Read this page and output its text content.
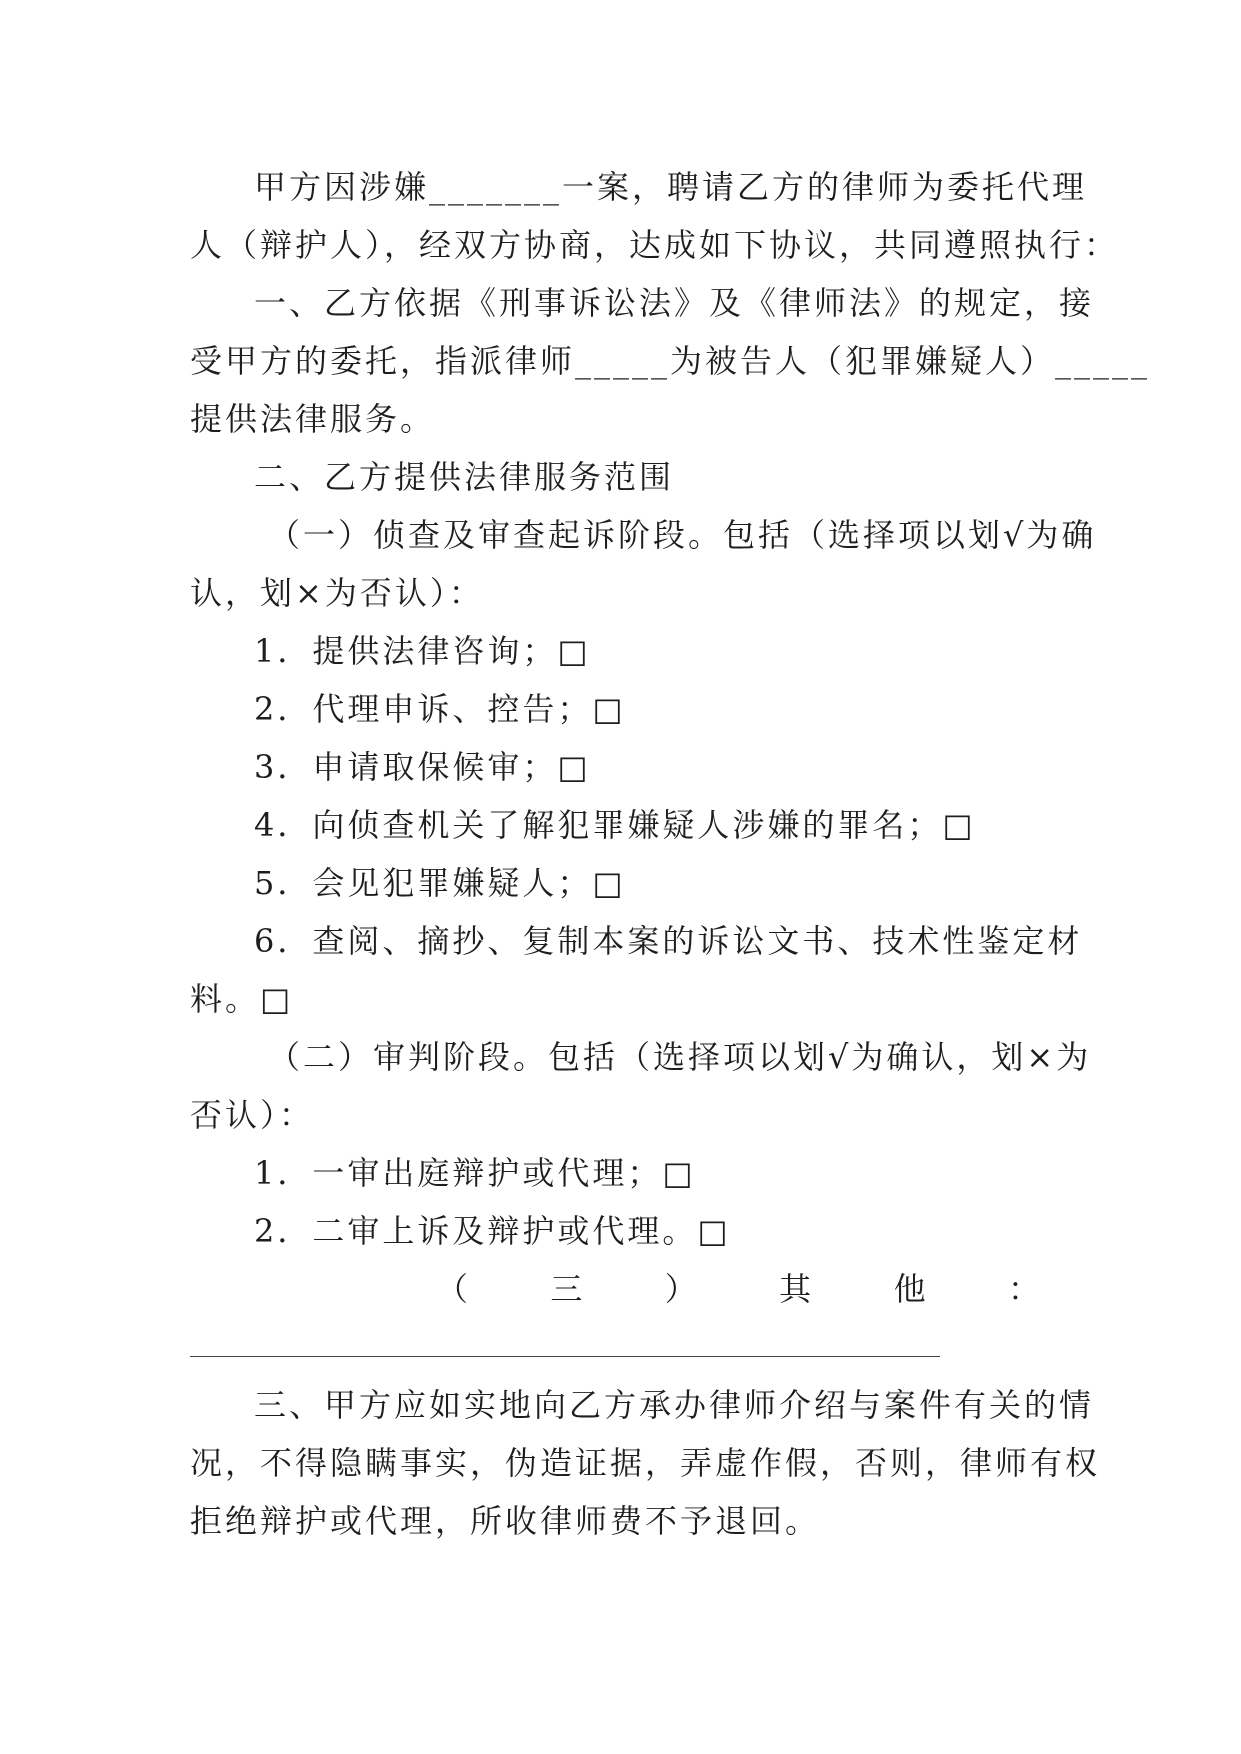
甲方因涉嫌_______一案，聘请乙方的律师为委托代理
人（辩护人），经双方协商，达成如下协议，共同遵照执行：
一、乙方依据《刑事诉讼法》及《律师法》的规定，接
受甲方的委托，指派律师_____为被告人（犯罪嫌疑人）_____
提供法律服务。
二、乙方提供法律服务范围
（一）侦查及审查起诉阶段。包括（选择项以划√为确
认，划×为否认）：
1．提供法律咨询；□
2．代理申诉、控告；□
3．申请取保候审；□
4．向侦查机关了解犯罪嫌疑人涉嫌的罪名；□
5．会见犯罪嫌疑人；□
6．查阅、摘抄、复制本案的诉讼文书、技术性鉴定材
料。□
（二）审判阶段。包括（选择项以划√为确认，划×为
否认）：
1．一审出庭辩护或代理；□
2．二审上诉及辩护或代理。□
（ 三 ） 其 他 ：
三、甲方应如实地向乙方承办律师介绍与案件有关的情
况，不得隐瞒事实，伪造证据，弄虚作假，否则，律师有权
拒绝辩护或代理，所收律师费不予退回。
